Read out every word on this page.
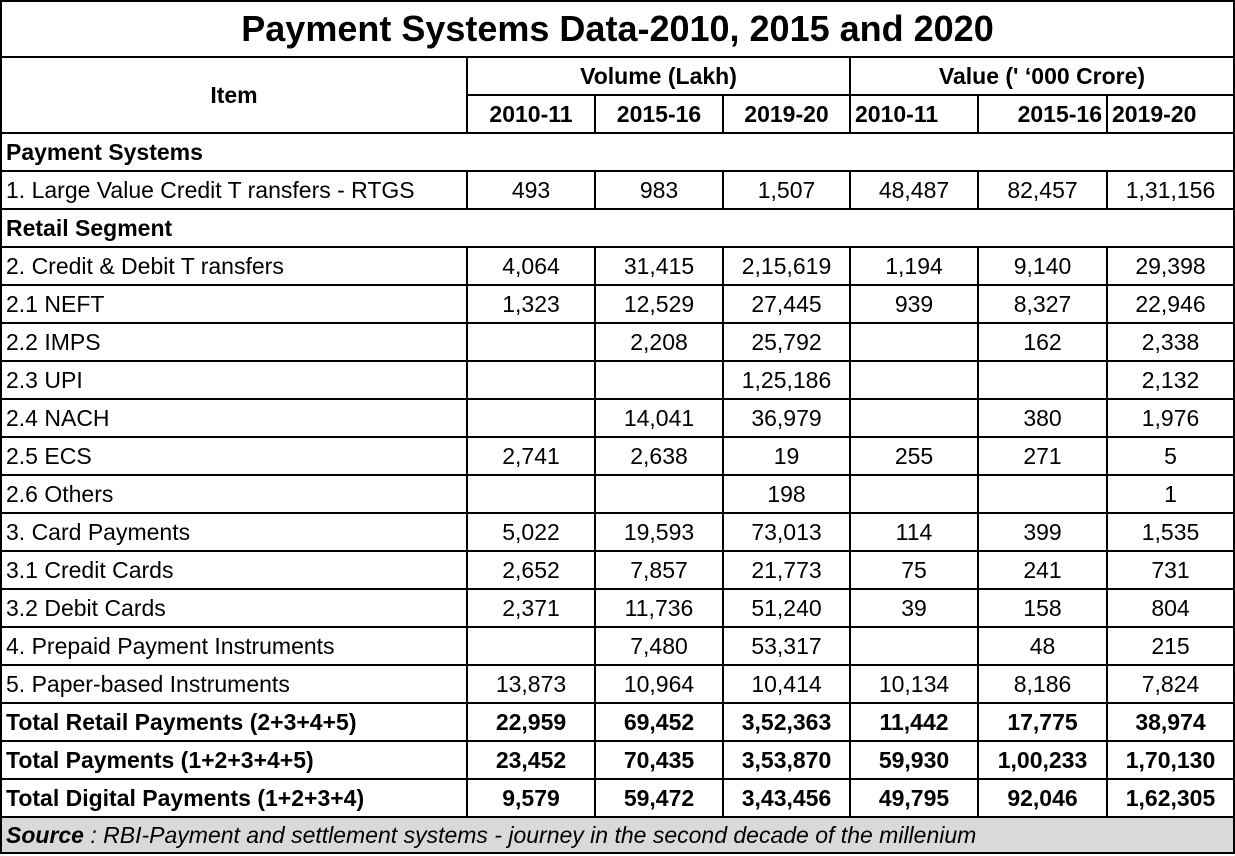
Payment Systems Data-2010, 2015 and 2020						
Item	Volume (Lakh)			Value (' ‘000 Crore)		
	2010-11	2015-16	2019-20	2010-11	2015-16	2019-20
Payment Systems						
1. Large Value Credit T ransfers - RTGS	493	983	1,507	48,487	82,457	1,31,156
Retail Segment						
2. Credit & Debit T ransfers	4,064	31,415	2,15,619	1,194	9,140	29,398
2.1 NEFT	1,323	12,529	27,445	939	8,327	22,946
2.2 IMPS		2,208	25,792		162	2,338
2.3 UPI			1,25,186			2,132
2.4 NACH		14,041	36,979		380	1,976
2.5 ECS	2,741	2,638	19	255	271	5
2.6 Others			198			1
3. Card Payments	5,022	19,593	73,013	114	399	1,535
3.1 Credit Cards	2,652	7,857	21,773	75	241	731
3.2 Debit Cards	2,371	11,736	51,240	39	158	804
4. Prepaid Payment Instruments		7,480	53,317		48	215
5. Paper-based Instruments	13,873	10,964	10,414	10,134	8,186	7,824
Total Retail Payments (2+3+4+5)	22,959	69,452	3,52,363	11,442	17,775	38,974
Total Payments (1+2+3+4+5)	23,452	70,435	3,53,870	59,930	1,00,233	1,70,130
Total Digital Payments (1+2+3+4)	9,579	59,472	3,43,456	49,795	92,046	1,62,305
Source : RBI-Payment and settlement systems - journey in the second decade of the millenium						
